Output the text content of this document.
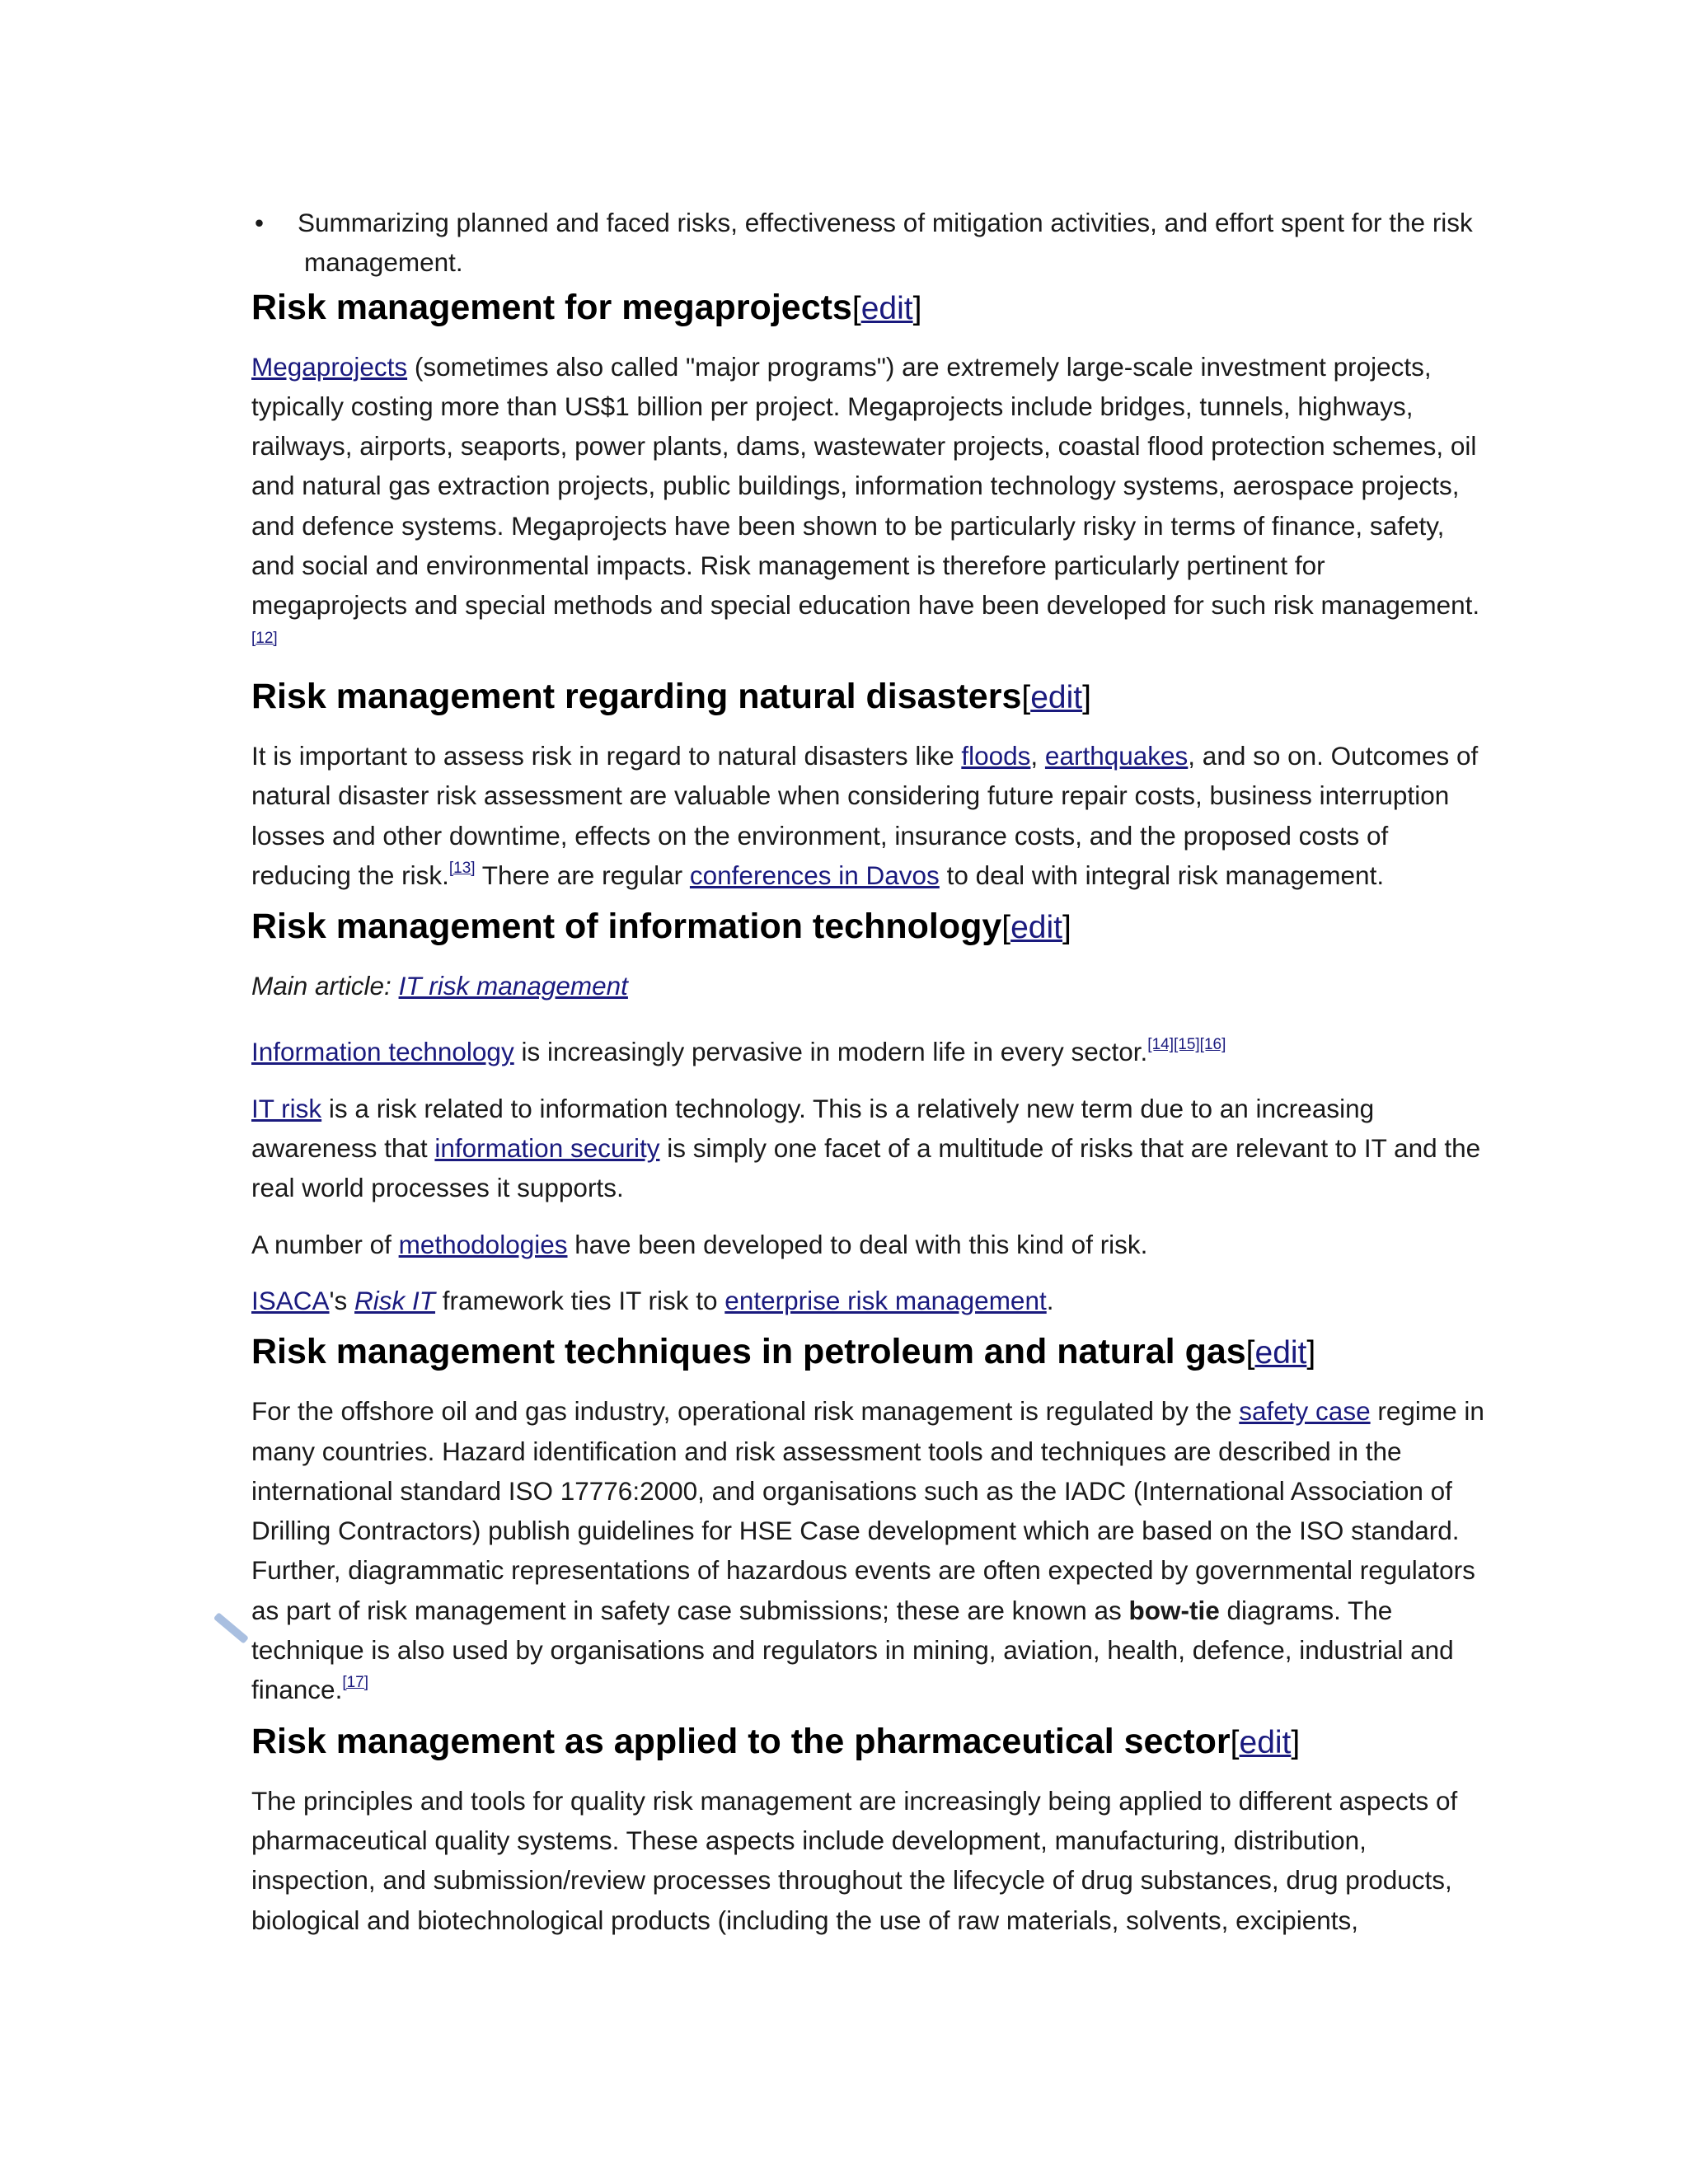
• Summarizing planned and faced risks, effectiveness of mitigation activities, and effort spent for the risk
management.
Risk management for megaprojects[edit]

Megaprojects (sometimes also called "major programs") are extremely large-scale investment projects, typically costing more than US$1 billion per project. Megaprojects include bridges, tunnels, highways, railways, airports, seaports, power plants, dams, wastewater projects, coastal flood protection schemes, oil and natural gas extraction projects, public buildings, information technology systems, aerospace projects, and defence systems. Megaprojects have been shown to be particularly risky in terms of finance, safety, and social and environmental impacts. Risk management is therefore particularly pertinent for megaprojects and special methods and special education have been developed for such risk management.[12]

Risk management regarding natural disasters[edit]

It is important to assess risk in regard to natural disasters like floods, earthquakes, and so on. Outcomes of natural disaster risk assessment are valuable when considering future repair costs, business interruption losses and other downtime, effects on the environment, insurance costs, and the proposed costs of reducing the risk.[13] There are regular conferences in Davos to deal with integral risk management.

Risk management of information technology[edit]

Main article: IT risk management

Information technology is increasingly pervasive in modern life in every sector.[14][15][16]

IT risk is a risk related to information technology. This is a relatively new term due to an increasing awareness that information security is simply one facet of a multitude of risks that are relevant to IT and the real world processes it supports.

A number of methodologies have been developed to deal with this kind of risk.

ISACA's Risk IT framework ties IT risk to enterprise risk management.

Risk management techniques in petroleum and natural gas[edit]

For the offshore oil and gas industry, operational risk management is regulated by the safety case regime in many countries. Hazard identification and risk assessment tools and techniques are described in the international standard ISO 17776:2000, and organisations such as the IADC (International Association of Drilling Contractors) publish guidelines for HSE Case development which are based on the ISO standard. Further, diagrammatic representations of hazardous events are often expected by governmental regulators as part of risk management in safety case submissions; these are known as bow-tie diagrams. The technique is also used by organisations and regulators in mining, aviation, health, defence, industrial and finance.[17]

Risk management as applied to the pharmaceutical sector[edit]

The principles and tools for quality risk management are increasingly being applied to different aspects of pharmaceutical quality systems. These aspects include development, manufacturing, distribution, inspection, and submission/review processes throughout the lifecycle of drug substances, drug products, biological and biotechnological products (including the use of raw materials, solvents, excipients,
